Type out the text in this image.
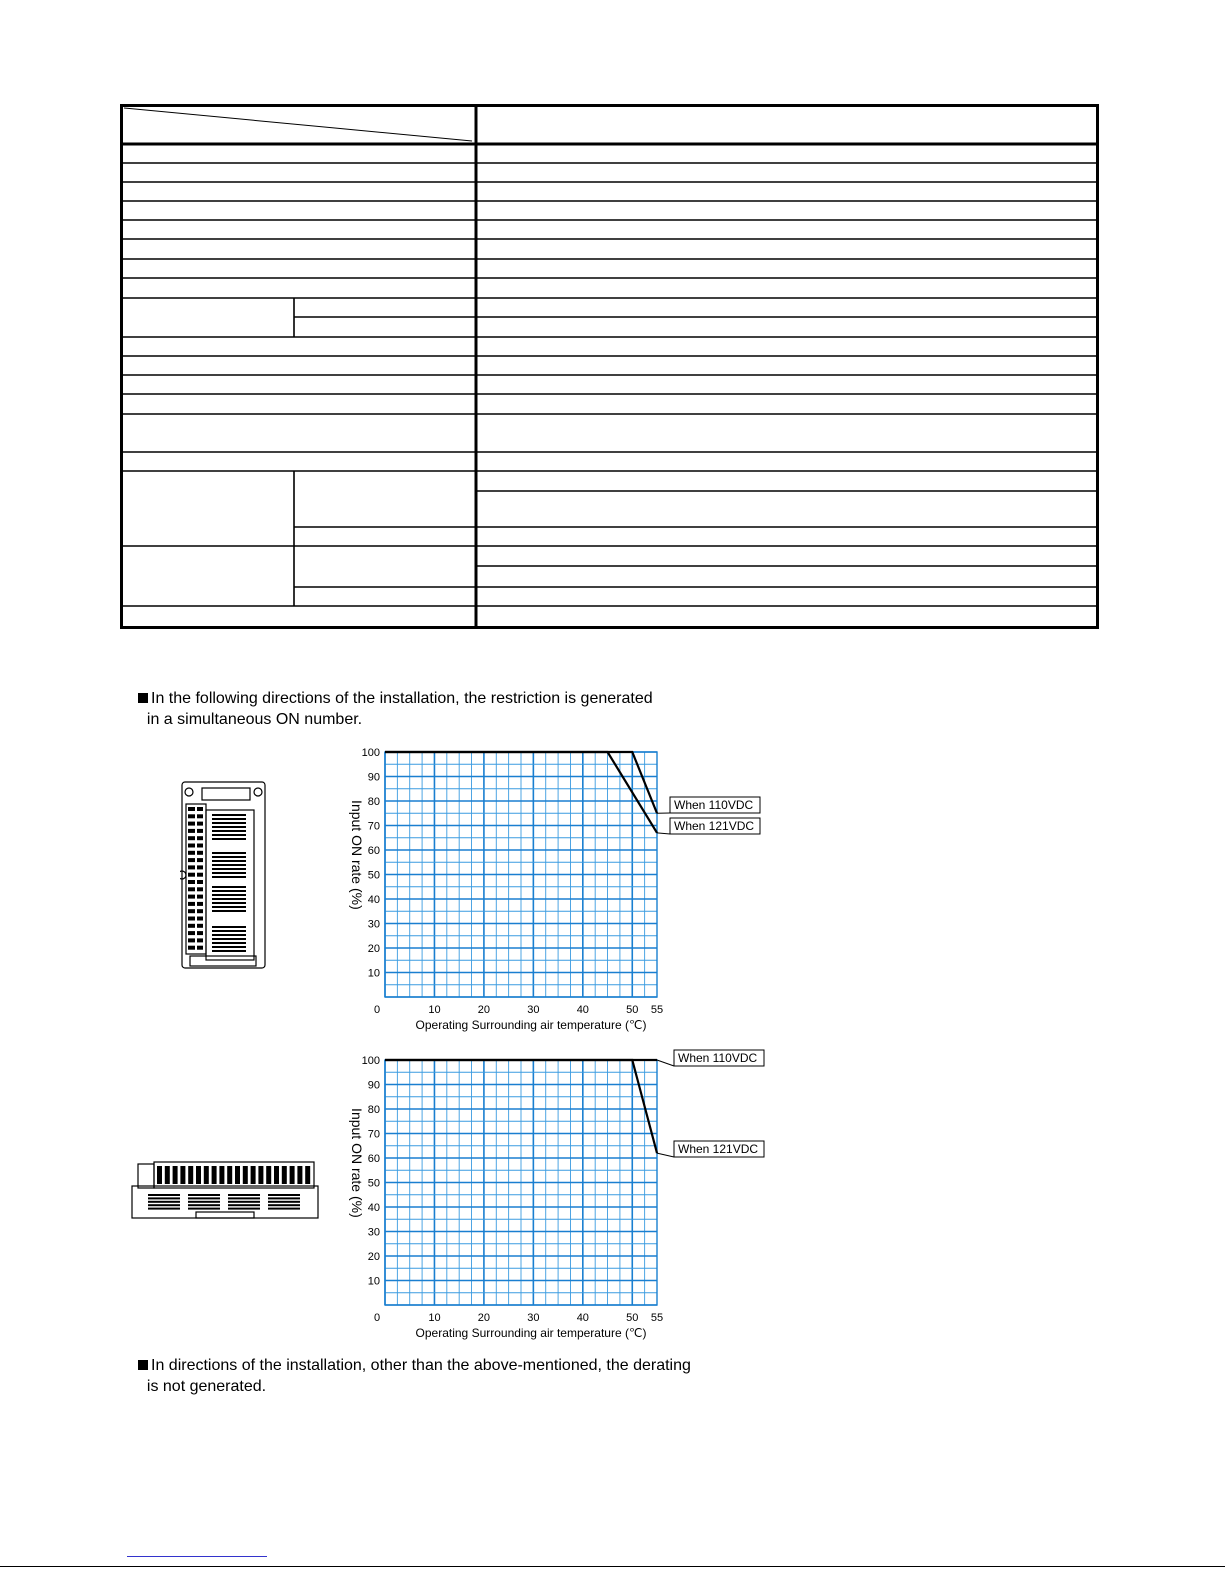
In the following directions of the installation, the restriction is generated
in a simultaneous ON number.
10
20
30
40
50
60
70
80
90
100
0	10	20	30	40	50 55
When 110VDC
When 121VDC
Input ON rate (%)
Operating Surrounding air temperature (℃)
10
20
30
40
50
60
70
80
90
100
0	10	20	30	40	50 55
When 110VDC
When 121VDC
Input ON rate (%)
Operating Surrounding air temperature (℃)
In directions of the installation, other than the above-mentioned, the derating
is not generated.
